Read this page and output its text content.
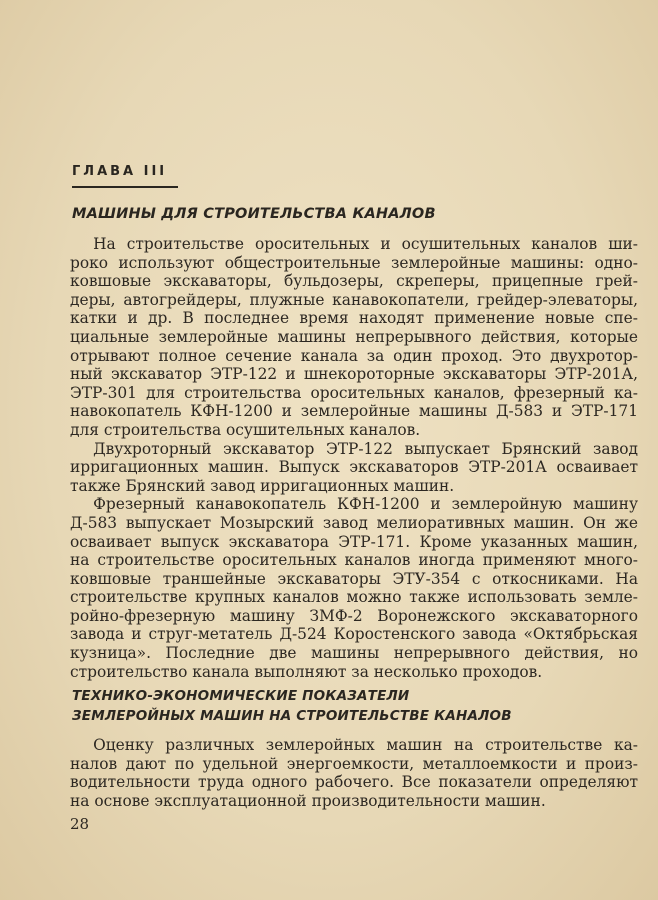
ГЛАВА III
МАШИНЫ ДЛЯ СТРОИТЕЛЬСТВА КАНАЛОВ
  На строительстве оросительных и осушительных каналов ши-
роко используют общестроительные землеройные машины: одно-
ковшовые экскаваторы, бульдозеры, скреперы, прицепные грей-
деры, автогрейдеры, плужные канавокопатели, грейдер-элеваторы,
катки и др. В последнее время находят применение новые спе-
циальные землеройные машины непрерывного действия, которые
отрывают полное сечение канала за один проход. Это двухротор-
ный экскаватор ЭТР-122 и шнекороторные экскаваторы ЭТР-201А,
ЭТР-301 для строительства оросительных каналов, фрезерный ка-
навокопатель КФН-1200 и землеройные машины Д-583 и ЭТР-171
для строительства осушительных каналов.
  Двухроторный экскаватор ЭТР-122 выпускает Брянский завод
ирригационных машин. Выпуск экскаваторов ЭТР-201А осваивает
также Брянский завод ирригационных машин.
  Фрезерный канавокопатель КФН-1200 и землеройную машину
Д-583 выпускает Мозырский завод мелиоративных машин. Он же
осваивает выпуск экскаватора ЭТР-171. Кроме указанных машин,
на строительстве оросительных каналов иногда применяют много-
ковшовые траншейные экскаваторы ЭТУ-354 с откосниками. На
строительстве крупных каналов можно также использовать земле-
ройно-фрезерную машину ЗМФ-2 Воронежского экскаваторного
завода и струг-метатель Д-524 Коростенского завода «Октябрьская
кузница». Последние две машины непрерывного действия, но
строительство канала выполняют за несколько проходов.
ТЕХНИКО-ЭКОНОМИЧЕСКИЕ ПОКАЗАТЕЛИ
ЗЕМЛЕРОЙНЫХ МАШИН НА СТРОИТЕЛЬСТВЕ КАНАЛОВ
  Оценку различных землеройных машин на строительстве ка-
налов дают по удельной энергоемкости, металлоемкости и произ-
водительности труда одного рабочего. Все показатели определяют
на основе эксплуатационной производительности машин.
28
